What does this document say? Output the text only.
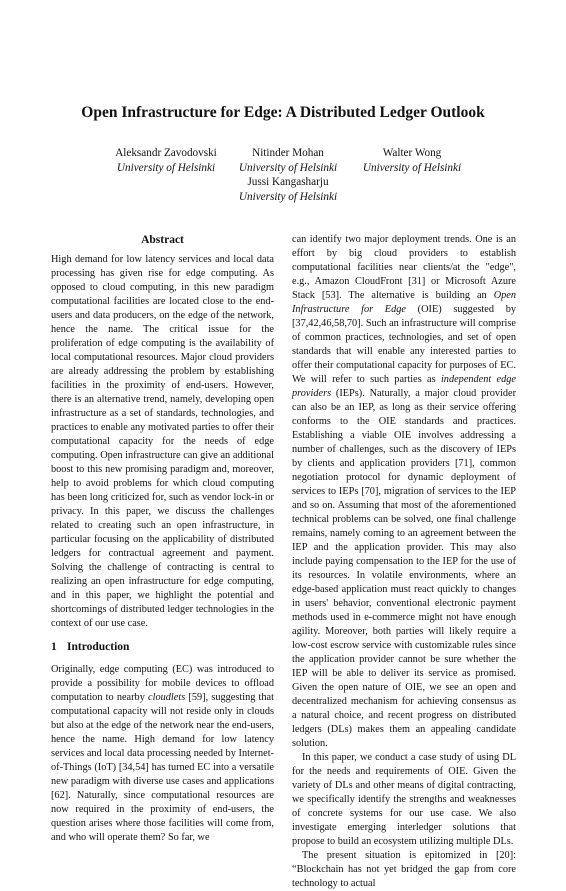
Open Infrastructure for Edge: A Distributed Ledger Outlook
Aleksandr Zavodovski
University of Helsinki
Nitinder Mohan
University of Helsinki
Walter Wong
University of Helsinki
Jussi Kangasharju
University of Helsinki
Abstract

High demand for low latency services and local data processing has given rise for edge computing. As opposed to cloud computing, in this new paradigm computational facilities are located close to the end-users and data producers, on the edge of the network, hence the name. The critical issue for the proliferation of edge computing is the availability of local computational resources. Major cloud providers are already addressing the problem by establishing facilities in the proximity of end-users. However, there is an alternative trend, namely, developing open infrastructure as a set of standards, technologies, and practices to enable any motivated parties to offer their computational capacity for the needs of edge computing. Open infrastructure can give an additional boost to this new promising paradigm and, moreover, help to avoid problems for which cloud computing has been long criticized for, such as vendor lock-in or privacy. In this paper, we discuss the challenges related to creating such an open infrastructure, in particular focusing on the applicability of distributed ledgers for contractual agreement and payment. Solving the challenge of contracting is central to realizing an open infrastructure for edge computing, and in this paper, we highlight the potential and shortcomings of distributed ledger technologies in the context of our use case.

1 Introduction

Originally, edge computing (EC) was introduced to provide a possibility for mobile devices to offload computation to nearby cloudlets [59], suggesting that computational capacity will not reside only in clouds but also at the edge of the network near the end-users, hence the name. High demand for low latency services and local data processing needed by Internet-of-Things (IoT) [34,54] has turned EC into a versatile new paradigm with diverse use cases and applications [62]. Naturally, since computational resources are now required in the proximity of end-users, the question arises where those facilities will come from, and who will operate them? So far, we

can identify two major deployment trends. One is an effort by big cloud providers to establish computational facilities near clients/at the "edge", e.g., Amazon CloudFront [31] or Microsoft Azure Stack [53]. The alternative is building an Open Infrastructure for Edge (OIE) suggested by [37,42,46,58,70]. Such an infrastructure will comprise of common practices, technologies, and set of open standards that will enable any interested parties to offer their computational capacity for purposes of EC. We will refer to such parties as independent edge providers (IEPs). Naturally, a major cloud provider can also be an IEP, as long as their service offering conforms to the OIE standards and practices. Establishing a viable OIE involves addressing a number of challenges, such as the discovery of IEPs by clients and application providers [71], common negotiation protocol for dynamic deployment of services to IEPs [70], migration of services to the IEP and so on. Assuming that most of the aforementioned technical problems can be solved, one final challenge remains, namely coming to an agreement between the IEP and the application provider. This may also include paying compensation to the IEP for the use of its resources. In volatile environments, where an edge-based application must react quickly to changes in users' behavior, conventional electronic payment methods used in e-commerce might not have enough agility. Moreover, both parties will likely require a low-cost escrow service with customizable rules since the application provider cannot be sure whether the IEP will be able to deliver its service as promised. Given the open nature of OIE, we see an open and decentralized mechanism for achieving consensus as a natural choice, and recent progress on distributed ledgers (DLs) makes them an appealing candidate solution.

In this paper, we conduct a case study of using DL for the needs and requirements of OIE. Given the variety of DLs and other means of digital contracting, we specifically identify the strengths and weaknesses of concrete systems for our use case. We also investigate emerging interledger solutions that propose to build an ecosystem utilizing multiple DLs.

The present situation is epitomized in [20]: “Blockchain has not yet bridged the gap from core technology to actual
